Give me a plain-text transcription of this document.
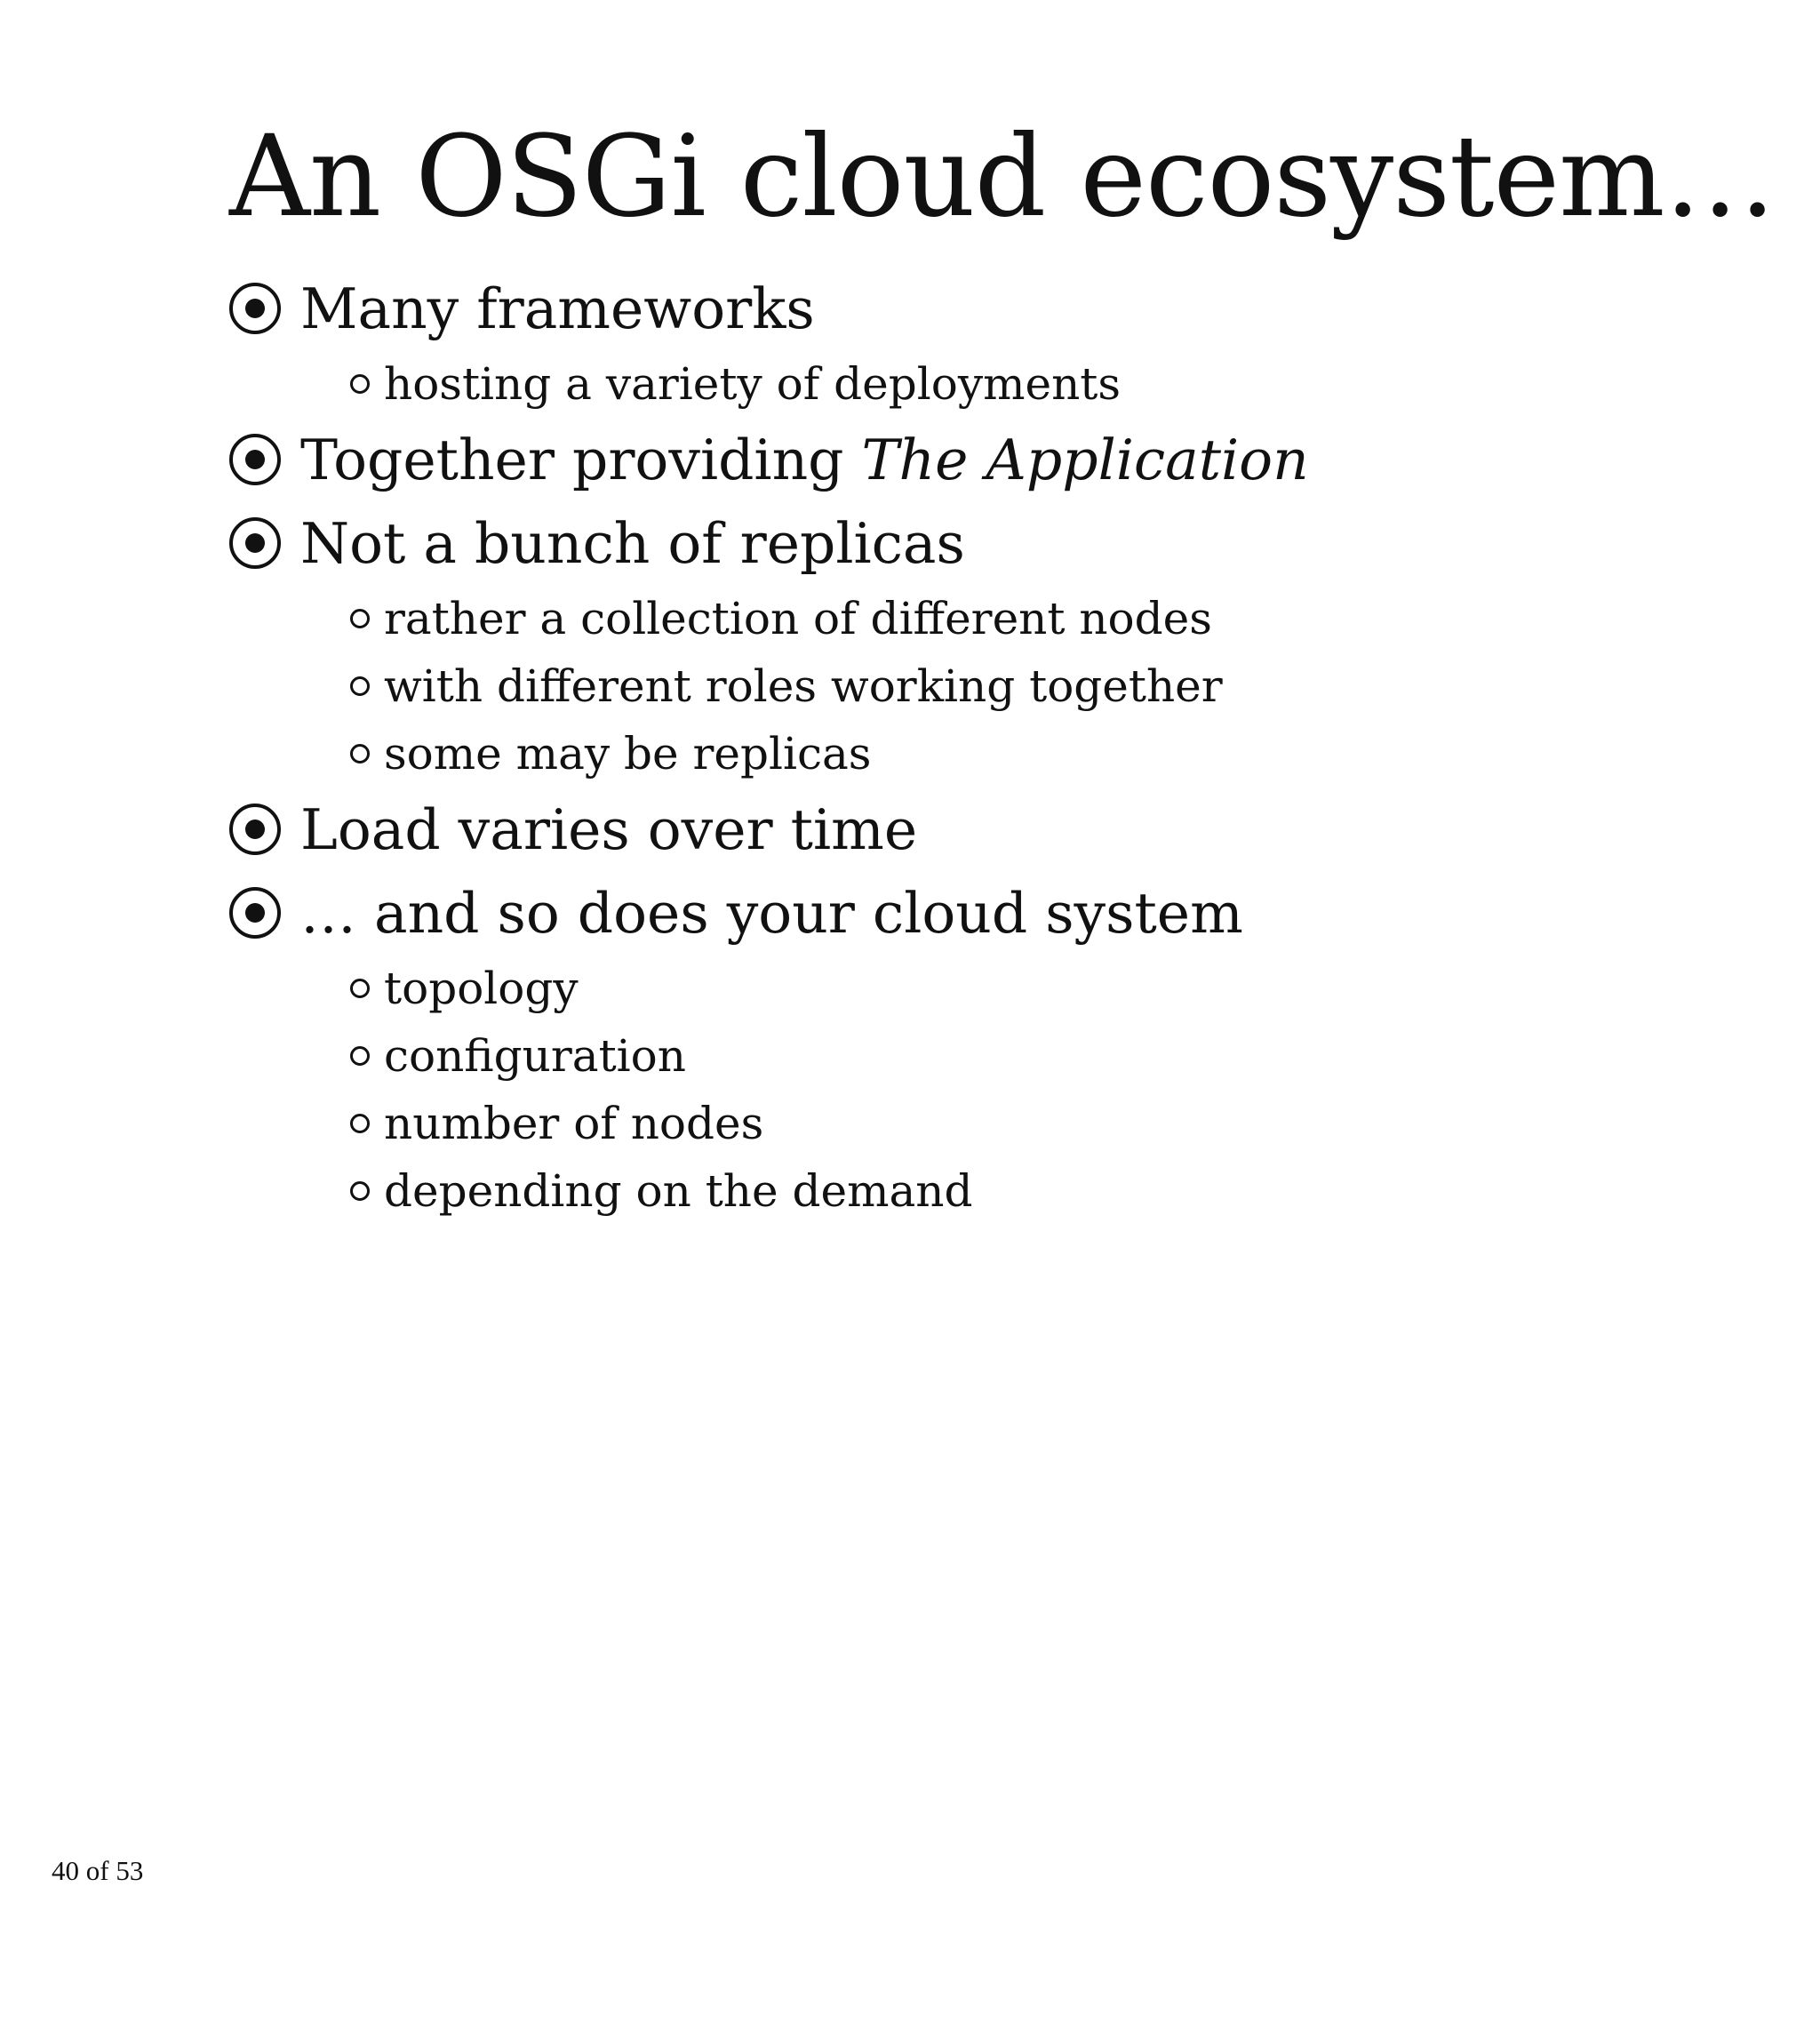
An OSGi cloud ecosystem…
Many frameworks
hosting a variety of deployments
Together providing The Application
Not a bunch of replicas
rather a collection of different nodes
with different roles working together
some may be replicas
Load varies over time
… and so does your cloud system
topology
configuration
number of nodes
depending on the demand
40 of 53
